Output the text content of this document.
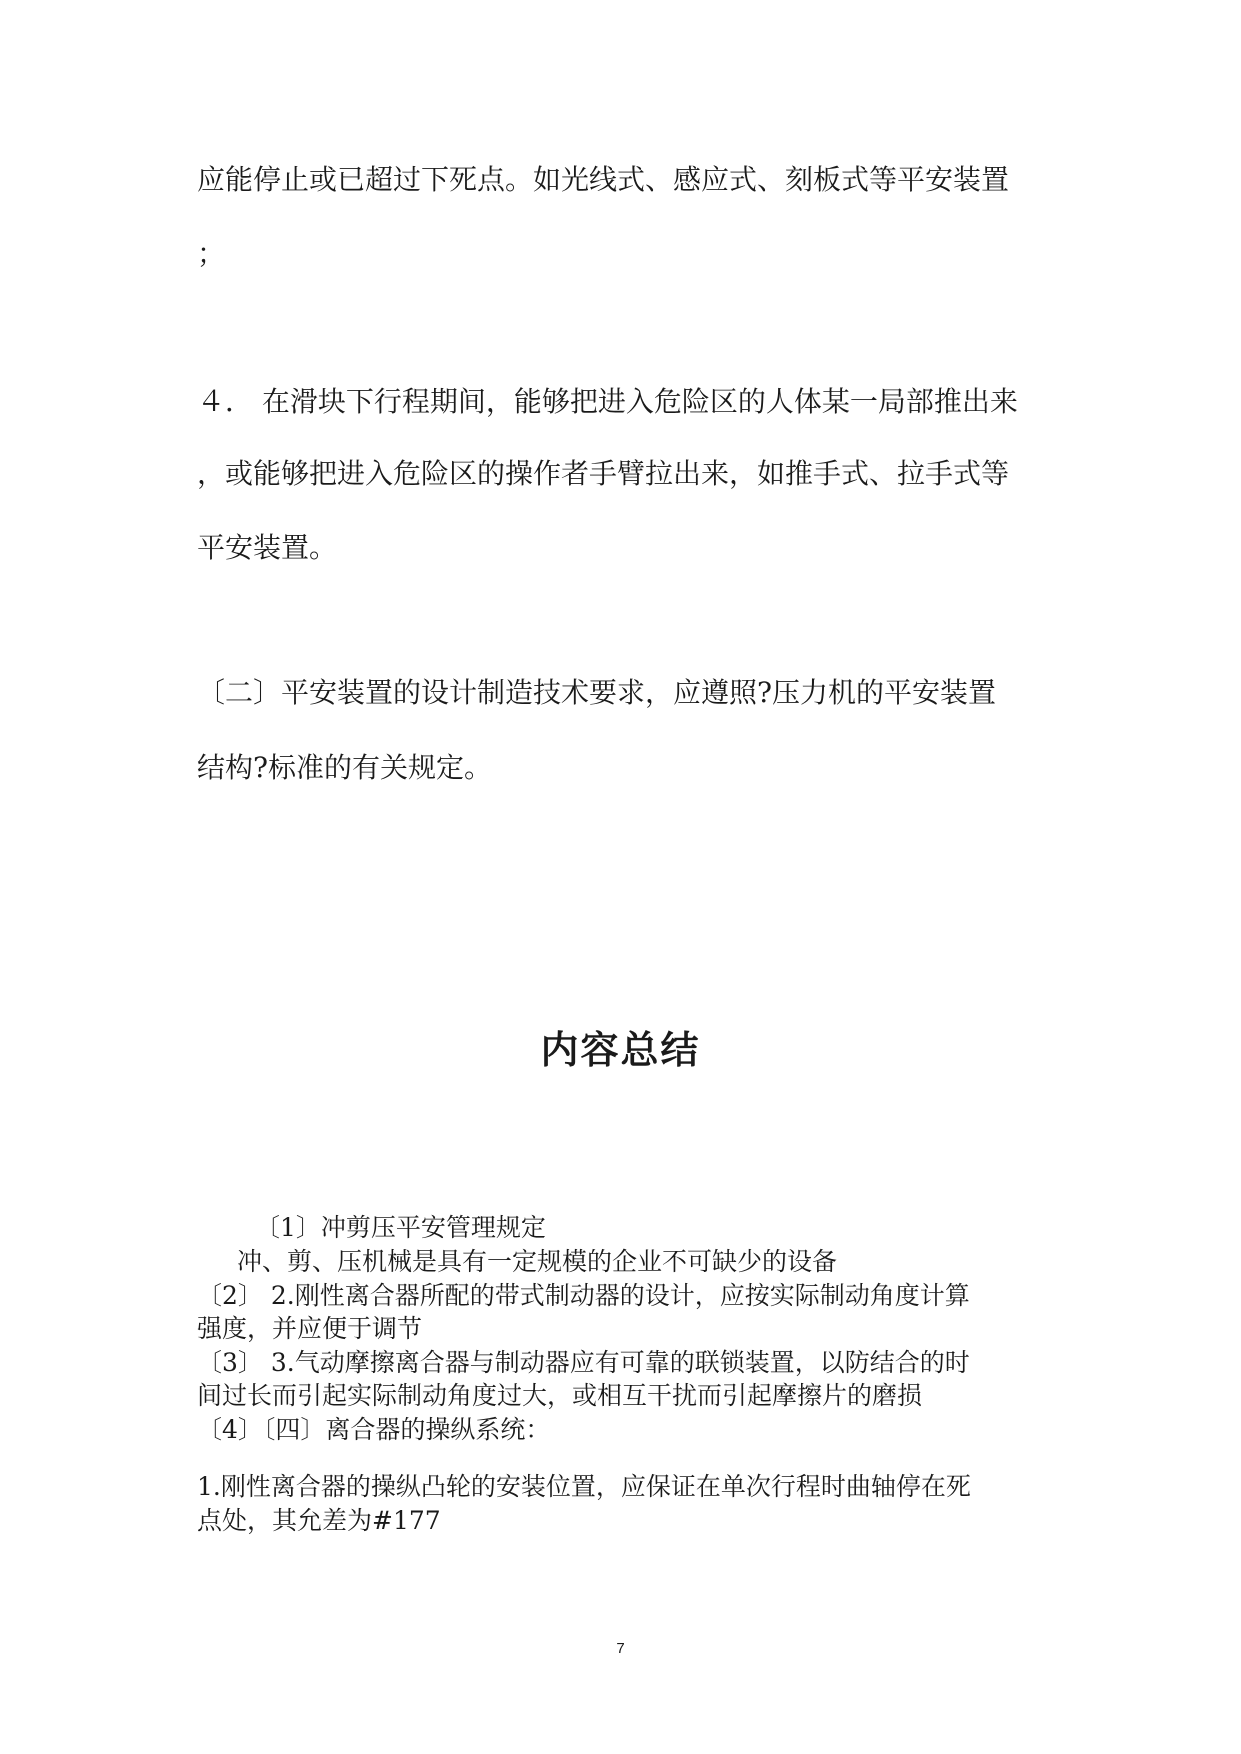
应能停止或已超过下死点。如光线式、感应式、刻板式等平安装置
；
４． 在滑块下行程期间，能够把进入危险区的人体某一局部推出来
，或能够把进入危险区的操作者手臂拉出来，如推手式、拉手式等
平安装置。
〔二〕平安装置的设计制造技术要求，应遵照?压力机的平安装置
结构?标准的有关规定。
内容总结
〔1〕冲剪压平安管理规定
冲、剪、压机械是具有一定规模的企业不可缺少的设备
〔2〕 2.刚性离合器所配的带式制动器的设计，应按实际制动角度计算
强度，并应便于调节
〔3〕 3.气动摩擦离合器与制动器应有可靠的联锁装置，以防结合的时
间过长而引起实际制动角度过大，或相互干扰而引起摩擦片的磨损
〔4〕〔四〕离合器的操纵系统：
1.刚性离合器的操纵凸轮的安装位置，应保证在单次行程时曲轴停在死
点处，其允差为#177
7
